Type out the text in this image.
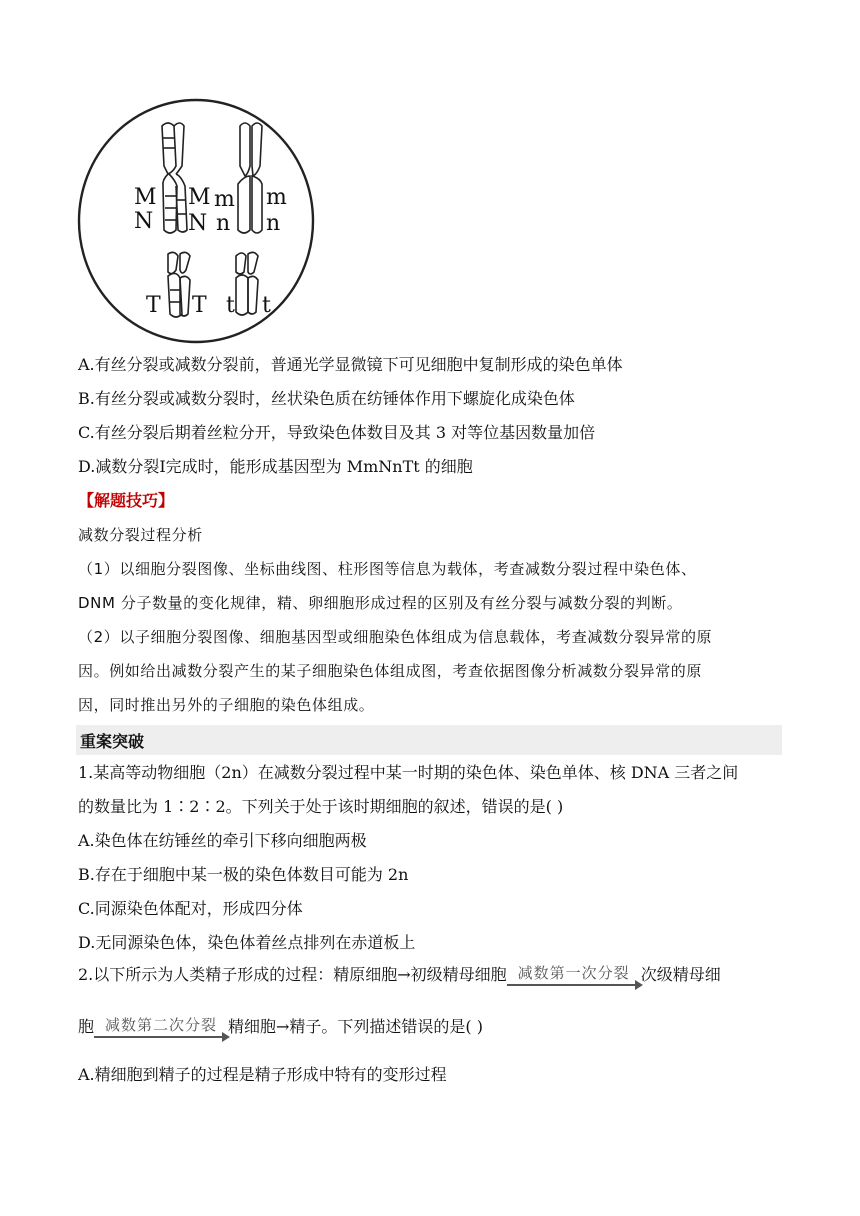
M
N
M
N
m
n
m
n
T T t t
A.有丝分裂或减数分裂前，普通光学显微镜下可见细胞中复制形成的染色单体
B.有丝分裂或减数分裂时，丝状染色质在纺锤体作用下螺旋化成染色体
C.有丝分裂后期着丝粒分开，导致染色体数目及其 3 对等位基因数量加倍
D.减数分裂Ⅰ完成时，能形成基因型为 MmNnTt 的细胞
【解题技巧】
减数分裂过程分析
（1）以细胞分裂图像、坐标曲线图、柱形图等信息为载体，考查减数分裂过程中染色体、
DNM 分子数量的变化规律，精、卵细胞形成过程的区别及有丝分裂与减数分裂的判断。
（2）以子细胞分裂图像、细胞基因型或细胞染色体组成为信息载体，考查减数分裂异常的原
因。例如给出减数分裂产生的某子细胞染色体组成图，考查依据图像分析减数分裂异常的原
因，同时推出另外的子细胞的染色体组成。
重案突破
1.某高等动物细胞（2n）在减数分裂过程中某一时期的染色体、染色单体、核 DNA 三者之间
的数量比为 1∶2∶2。下列关于处于该时期细胞的叙述，错误的是( )
A.染色体在纺锤丝的牵引下移向细胞两极
B.存在于细胞中某一极的染色体数目可能为 2n
C.同源染色体配对，形成四分体
D.无同源染色体，染色体着丝点排列在赤道板上
2.以下所示为人类精子形成的过程：精原细胞→初级精母细胞 减数第一次分裂 次级精母细
胞 减数第二次分裂 精细胞→精子。下列描述错误的是( )
A.精细胞到精子的过程是精子形成中特有的变形过程
